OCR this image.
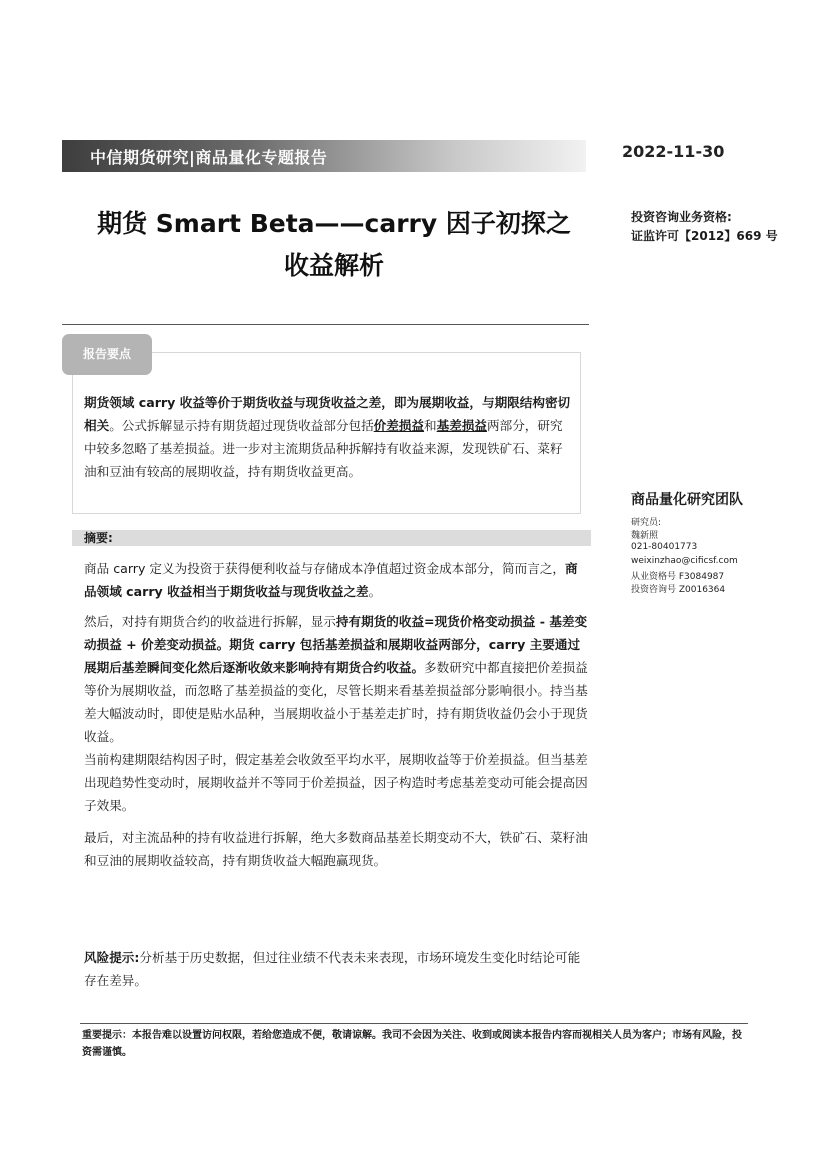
中信期货研究|商品量化专题报告	2022-11-30
期货 Smart Beta——carry 因子初探之
收益解析
投资咨询业务资格:
证监许可【2012】669 号
报告要点
期货领域 carry 收益等价于期货收益与现货收益之差，即为展期收益，与期限结构密切相关。公式拆解显示持有期货超过现货收益部分包括价差损益和基差损益两部分，研究中较多忽略了基差损益。进一步对主流期货品种拆解持有收益来源，发现铁矿石、菜籽油和豆油有较高的展期收益，持有期货收益更高。
商品量化研究团队
研究员:
魏新照
021-80401773
weixinzhao@cificsf.com
从业资格号 F3084987
投资咨询号 Z0016364
摘要:
商品 carry 定义为投资于获得便利收益与存储成本净值超过资金成本部分，简而言之，商品领域 carry 收益相当于期货收益与现货收益之差。
然后，对持有期货合约的收益进行拆解，显示持有期货的收益=现货价格变动损益 - 基差变动损益 + 价差变动损益。期货 carry 包括基差损益和展期收益两部分，carry 主要通过展期后基差瞬间变化然后逐渐收敛来影响持有期货合约收益。多数研究中都直接把价差损益等价为展期收益，而忽略了基差损益的变化，尽管长期来看基差损益部分影响很小。持当基差大幅波动时，即使是贴水品种，当展期收益小于基差走扩时，持有期货收益仍会小于现货收益。
当前构建期限结构因子时，假定基差会收敛至平均水平，展期收益等于价差损益。但当基差出现趋势性变动时，展期收益并不等同于价差损益，因子构造时考虑基差变动可能会提高因子效果。
最后，对主流品种的持有收益进行拆解，绝大多数商品基差长期变动不大，铁矿石、菜籽油和豆油的展期收益较高，持有期货收益大幅跑赢现货。
风险提示:分析基于历史数据，但过往业绩不代表未来表现，市场环境发生变化时结论可能存在差异。
重要提示：本报告难以设置访问权限，若给您造成不便，敬请谅解。我司不会因为关注、收到或阅读本报告内容而视相关人员为客户；市场有风险，投资需谨慎。
